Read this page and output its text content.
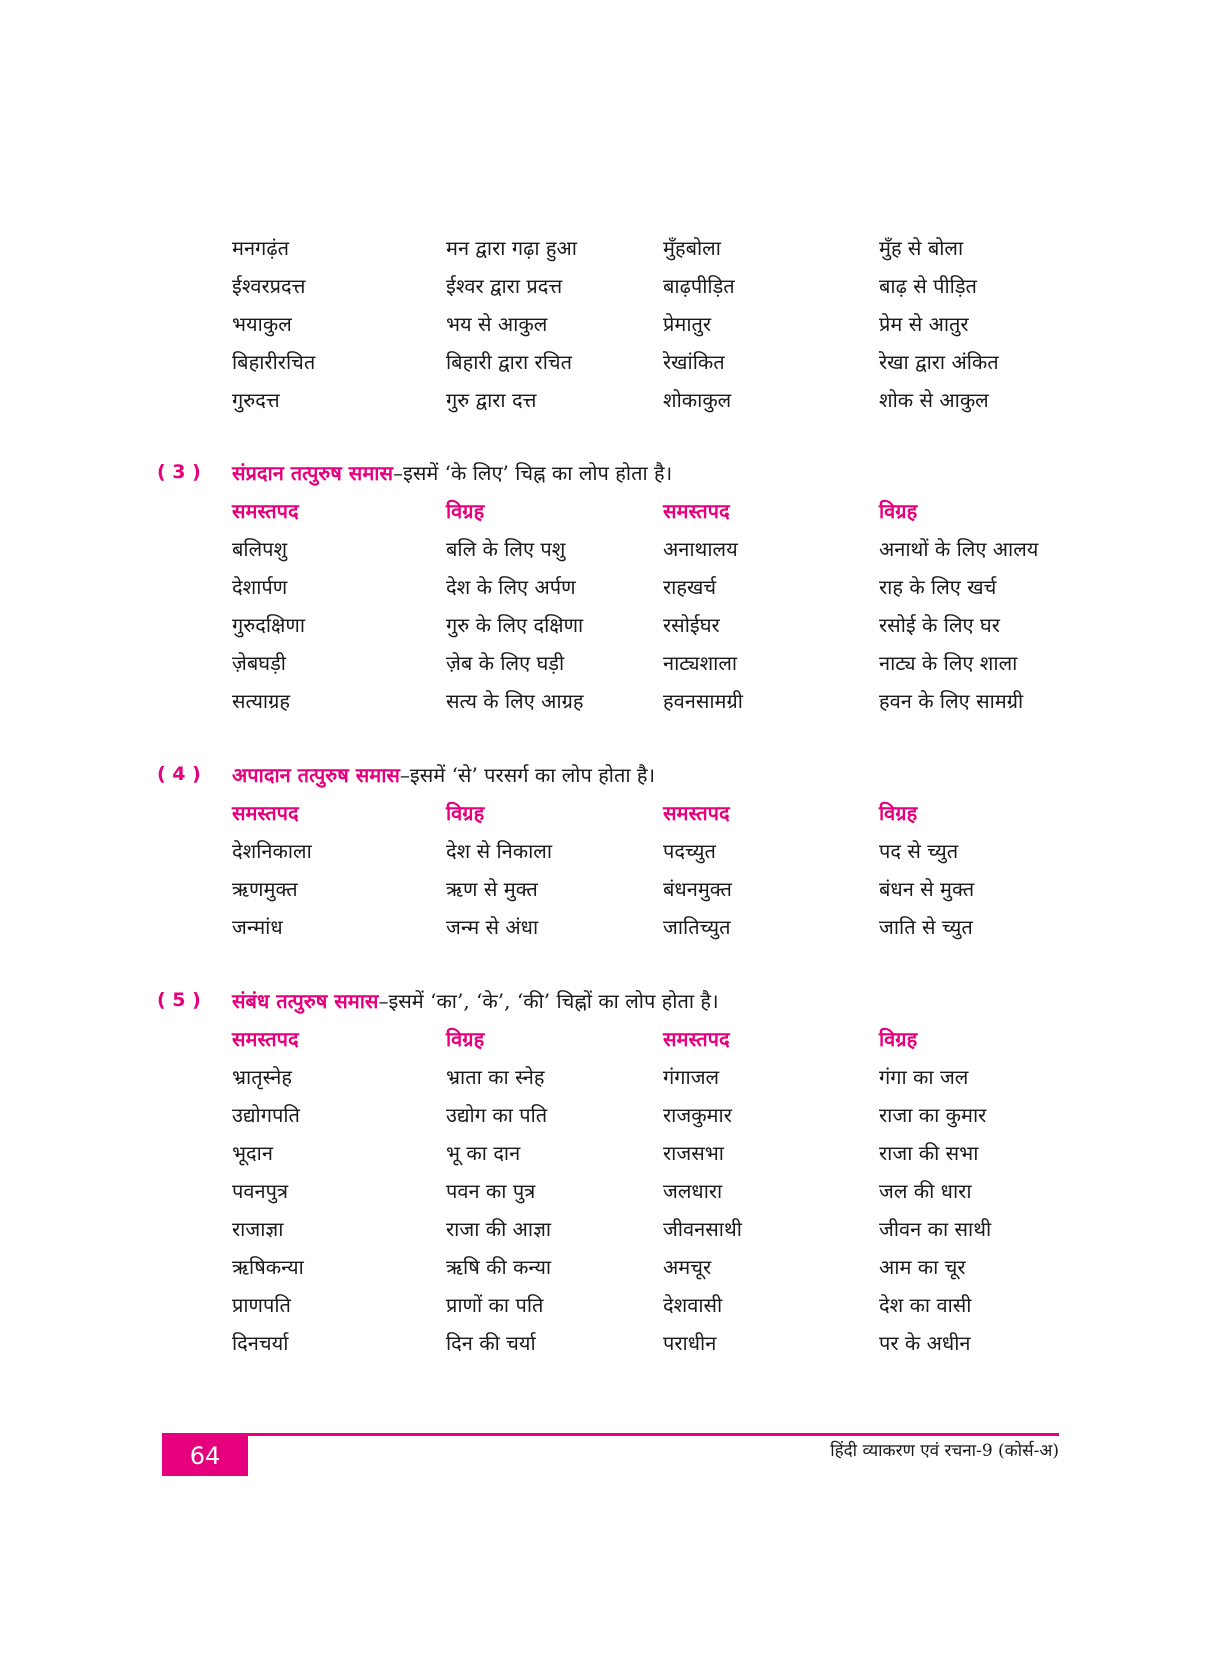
मनगढ़ंत	मन द्वारा गढ़ा हुआ	मुँहबोला	मुँह से बोला
ईश्वरप्रदत्त	ईश्वर द्वारा प्रदत्त	बाढ़पीड़ित	बाढ़ से पीड़ित
भयाकुल	भय से आकुल	प्रेमातुर	प्रेम से आतुर
बिहारीरचित	बिहारी द्वारा रचित	रेखांकित	रेखा द्वारा अंकित
गुरुदत्त	गुरु द्वारा दत्त	शोकाकुल	शोक से आकुल
( 3 )	संप्रदान तत्पुरुष समास –इसमें ‘के लिए’ चिह्न का लोप होता है।
समस्तपद	विग्रह	समस्तपद	विग्रह
बलिपशु	बलि के लिए पशु	अनाथालय	अनाथों के लिए आलय
देशार्पण	देश के लिए अर्पण	राहखर्च	राह के लिए खर्च
गुरुदक्षिणा	गुरु के लिए दक्षिणा	रसोईघर	रसोई के लिए घर
ज़ेबघड़ी	ज़ेब के लिए घड़ी	नाट्यशाला	नाट्य के लिए शाला
सत्याग्रह	सत्य के लिए आग्रह	हवनसामग्री	हवन के लिए सामग्री
( 4 )	अपादान तत्पुरुष समास –इसमें ‘से’ परसर्ग का लोप होता है।
समस्तपद	विग्रह	समस्तपद	विग्रह
देशनिकाला	देश से निकाला	पदच्युत	पद से च्युत
ऋणमुक्त	ऋण से मुक्त	बंधनमुक्त	बंधन से मुक्त
जन्मांध	जन्म से अंधा	जातिच्युत	जाति से च्युत
( 5 )	संबंध तत्पुरुष समास –इसमें ‘का’, ‘के’, ‘की’ चिह्नों का लोप होता है।
समस्तपद	विग्रह	समस्तपद	विग्रह
भ्रातृस्नेह	भ्राता का स्नेह	गंगाजल	गंगा का जल
उद्योगपति	उद्योग का पति	राजकुमार	राजा का कुमार
भूदान	भू का दान	राजसभा	राजा की सभा
पवनपुत्र	पवन का पुत्र	जलधारा	जल की धारा
राजाज्ञा	राजा की आज्ञा	जीवनसाथी	जीवन का साथी
ऋषिकन्या	ऋषि की कन्या	अमचूर	आम का चूर
प्राणपति	प्राणों का पति	देशवासी	देश का वासी
दिनचर्या	दिन की चर्या	पराधीन	पर के अधीन
64	हिंदी व्याकरण एवं रचना-9 (कोर्स-अ)
